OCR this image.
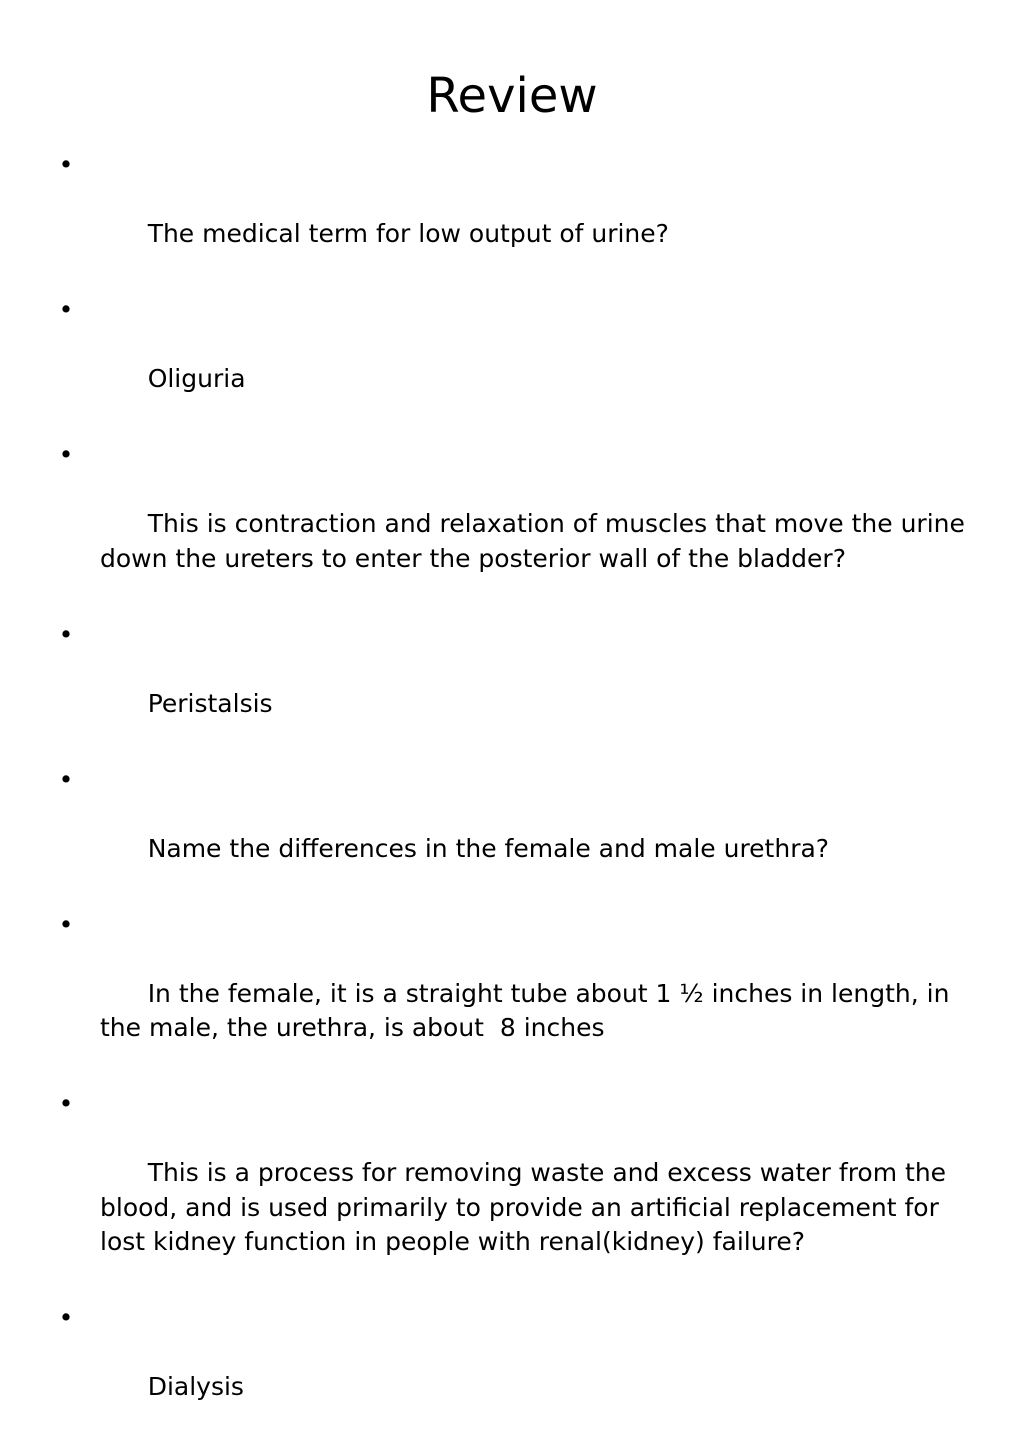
Review

•

The medical term for low output of urine?

•

Oliguria

•

This is contraction and relaxation of muscles that move the urine down the ureters to enter the posterior wall of the bladder?

•

Peristalsis

•

Name the differences in the female and male urethra?

•

In the female, it is a straight tube about 1 ½ inches in length, in the male, the urethra, is about  8 inches

•

This is a process for removing waste and excess water from the blood, and is used primarily to provide an artificial replacement for lost kidney function in people with renal(kidney) failure?

•

Dialysis
